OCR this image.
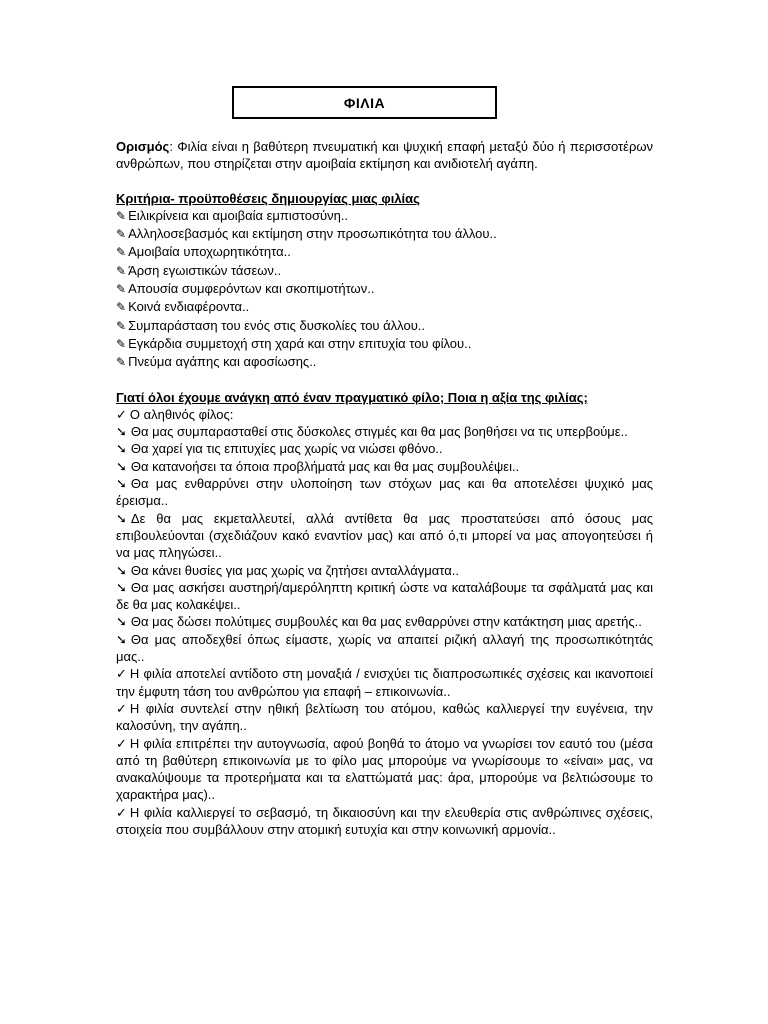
ΦΙΛΙΑ

Ορισμός: Φιλία είναι η βαθύτερη πνευματική και ψυχική επαφή μεταξύ δύο ή περισσοτέρων ανθρώπων, που στηρίζεται στην αμοιβαία εκτίμηση και ανιδιοτελή αγάπη.

Κριτήρια- προϋποθέσεις δημιουργίας μιας φιλίας

✎ Ειλικρίνεια και αμοιβαία εμπιστοσύνη..

✎ Αλληλοσεβασμός και εκτίμηση στην προσωπικότητα του άλλου..

✎ Αμοιβαία υποχωρητικότητα..

✎ Άρση εγωιστικών τάσεων..

✎ Απουσία συμφερόντων και σκοπιμοτήτων..

✎ Κοινά ενδιαφέροντα..

✎ Συμπαράσταση του ενός στις δυσκολίες του άλλου..

✎ Εγκάρδια συμμετοχή στη χαρά και στην επιτυχία του φίλου..

✎ Πνεύμα αγάπης και αφοσίωσης..

Γιατί όλοι έχουμε ανάγκη από έναν πραγματικό φίλο; Ποια η αξία της φιλίας;

✓ Ο αληθινός φίλος:

➘ Θα μας συμπαρασταθεί στις δύσκολες στιγμές και θα μας βοηθήσει να τις υπερβούμε..

➘ Θα χαρεί για τις επιτυχίες μας χωρίς να νιώσει φθόνο..

➘ Θα κατανοήσει τα όποια προβλήματά μας και θα μας συμβουλέψει..

➘ Θα μας ενθαρρύνει στην υλοποίηση των στόχων μας και θα αποτελέσει ψυχικό μας έρεισμα..

➘ Δε θα μας εκμεταλλευτεί, αλλά αντίθετα θα μας προστατεύσει από όσους μας επιβουλεύονται (σχεδιάζουν κακό εναντίον μας) και από ό,τι μπορεί να μας απογοητεύσει ή να μας πληγώσει..

➘ Θα κάνει θυσίες για μας χωρίς να ζητήσει ανταλλάγματα..

➘ Θα μας ασκήσει αυστηρή/αμερόληπτη κριτική ώστε να καταλάβουμε τα σφάλματά μας και δε θα μας κολακέψει..

➘ Θα μας δώσει πολύτιμες συμβουλές και θα μας ενθαρρύνει στην κατάκτηση μιας αρετής..

➘ Θα μας αποδεχθεί όπως είμαστε, χωρίς να απαιτεί ριζική αλλαγή της προσωπικότητάς μας..

✓ Η φιλία αποτελεί αντίδοτο στη μοναξιά / ενισχύει τις διαπροσωπικές σχέσεις και ικανοποιεί την έμφυτη τάση του ανθρώπου για επαφή – επικοινωνία..

✓ Η φιλία συντελεί στην ηθική βελτίωση του ατόμου, καθώς καλλιεργεί την ευγένεια, την καλοσύνη, την αγάπη..

✓ Η φιλία επιτρέπει την αυτογνωσία, αφού βοηθά το άτομο να γνωρίσει τον εαυτό του (μέσα από τη βαθύτερη επικοινωνία με το φίλο μας μπορούμε να γνωρίσουμε το «είναι» μας, να ανακαλύψουμε τα προτερήματα και τα ελαττώματά μας: άρα, μπορούμε να βελτιώσουμε το χαρακτήρα μας)..

✓ Η φιλία καλλιεργεί το σεβασμό, τη δικαιοσύνη και την ελευθερία στις ανθρώπινες σχέσεις, στοιχεία που συμβάλλουν στην ατομική ευτυχία και στην κοινωνική αρμονία..
